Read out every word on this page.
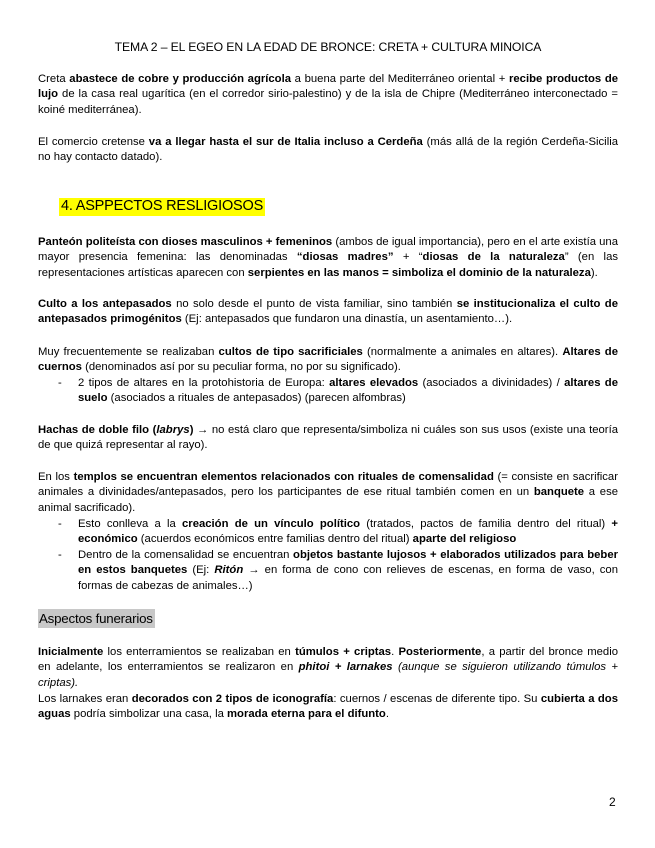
TEMA 2 – EL EGEO EN LA EDAD DE BRONCE: CRETA + CULTURA MINOICA
Creta abastece de cobre y producción agrícola a buena parte del Mediterráneo oriental + recibe productos de lujo de la casa real ugarítica (en el corredor sirio-palestino) y de la isla de Chipre (Mediterráneo interconectado = koiné mediterránea).
El comercio cretense va a llegar hasta el sur de Italia incluso a Cerdeña (más allá de la región Cerdeña-Sicilia no hay contacto datado).
4. ASPPECTOS RESLIGIOSOS
Panteón politeísta con dioses masculinos + femeninos (ambos de igual importancia), pero en el arte existía una mayor presencia femenina: las denominadas “diosas madres” + “diosas de la naturaleza” (en las representaciones artísticas aparecen con serpientes en las manos = simboliza el dominio de la naturaleza).
Culto a los antepasados no solo desde el punto de vista familiar, sino también se institucionaliza el culto de antepasados primogénitos (Ej: antepasados que fundaron una dinastía, un asentamiento…).
Muy frecuentemente se realizaban cultos de tipo sacrificiales (normalmente a animales en altares). Altares de cuernos (denominados así por su peculiar forma, no por su significado).
- 2 tipos de altares en la protohistoria de Europa: altares elevados (asociados a divinidades) / altares de suelo (asociados a rituales de antepasados) (parecen alfombras)
Hachas de doble filo (labrys) → no está claro que representa/simboliza ni cuáles son sus usos (existe una teoría de que quizá representar al rayo).
En los templos se encuentran elementos relacionados con rituales de comensalidad (= consiste en sacrificar animales a divinidades/antepasados, pero los participantes de ese ritual también comen en un banquete a ese animal sacrificado).
- Esto conlleva a la creación de un vínculo político (tratados, pactos de familia dentro del ritual) + económico (acuerdos económicos entre familias dentro del ritual) aparte del religioso
- Dentro de la comensalidad se encuentran objetos bastante lujosos + elaborados utilizados para beber en estos banquetes (Ej: Ritón → en forma de cono con relieves de escenas, en forma de vaso, con formas de cabezas de animales…)
Aspectos funerarios
Inicialmente los enterramientos se realizaban en túmulos + criptas. Posteriormente, a partir del bronce medio en adelante, los enterramientos se realizaron en phitoi + larnakes (aunque se siguieron utilizando túmulos + criptas).
Los larnakes eran decorados con 2 tipos de iconografía: cuernos / escenas de diferente tipo. Su cubierta a dos aguas podría simbolizar una casa, la morada eterna para el difunto.
2
